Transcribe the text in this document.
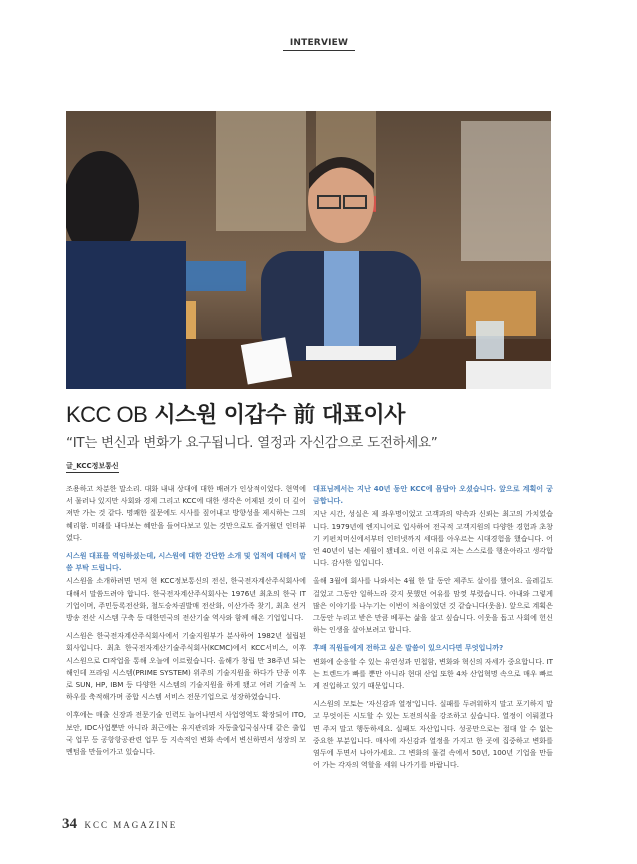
INTERVIEW
KCC OB 시스원 이갑수 前 대표이사
“IT는 변신과 변화가 요구됩니다. 열정과 자신감으로 도전하세요”
글_KCC정보통신

조용하고 차분한 말소리. 대화 내내 상대에 대한 배려가 인상적이었다. 현역에서 물러나 있지만 사회와 경제 그리고 KCC에 대한 생각은 어제된 것이 더 깊어져만 가는 것 같다. 명쾌한 질문에도 시사를 짚어내고 방향성을 제시하는 그의 혜리함. 미래를 내다보는 혜안을 들여다보고 있는 것만으로도 즐거웠던 인터뷰였다.

시스원 대표를 역임하셨는데, 시스원에 대한 간단한 소개 및 업적에 대해서 말씀 부탁 드립니다.

시스원을 소개하려면 먼저 현 KCC정보통신의 전신, 한국전자계산주식회사에 대해서 말씀드려야 합니다. 한국전자계산주식회사는 1976년 최초의 한국 IT기업이며, 주민등록전산화, 철도승차권발매 전산화, 이산가족 찾기, 최초 선거방송 전산 시스템 구축 등 대한민국의 전산기술 역사와 함께 해온 기업입니다.

시스원은 한국전자계산주식회사에서 기술지원부가 분사하여 1982년 설립된 회사입니다. 최초 한국전자계산기술주식회사(KCMC)에서 KCC서비스, 이후 시스원으로 CI작업을 통해 오늘에 이르렀습니다. 올해가 창립 만 38주년 되는 해인데 프라임 시스템(PRIME SYSTEM) 위주의 기술지원을 하다가 단종 이후로 SUN, HP, IBM 등 다양한 시스템의 기술지원을 하게 됐고 여러 기술적 노하우를 축적해가며 종합 시스템 서비스 전문기업으로 성장하였습니다.

이후에는 매출 신장과 전문기술 인력도 늘어나면서 사업영역도 확장되어 ITO, 보안, IDC사업뿐만 아니라 최근에는 유지관리와 자동출입국심사대 같은 출입국 업무 등 공항항공관련 업무 등 지속적인 변화 속에서 변신하면서 성장의 모멘텀을 만들어가고 있습니다.

대표님께서는 지난 40년 동안 KCC에 몸담아 오셨습니다. 앞으로 계획이 궁금합니다.

지난 시간, 성실은 제 좌우명이었고 고객과의 약속과 신뢰는 최고의 가치였습니다. 1979년에 엔지니어로 입사하여 전국적 고객지원의 다양한 경험과 초창기 키펀치머신에서부터 인터넷까지 세대를 아우르는 시대경험을 했습니다. 어언 40년이 넘는 세월이 됐네요. 이런 이유로 저는 스스로를 행운아라고 생각합니다. 감사한 일입니다.

올해 3월에 회사를 나와서는 4월 한 달 동안 제주도 살이를 했어요. 올레길도 걸었고 그동안 일하느라 갖지 못했던 여유를 맘껏 부렸습니다. 아내와 그렇게 많은 이야기를 나누기는 이번이 처음이었던 것 같습니다(웃음). 앞으로 계획은 그동안 누리고 받은 만큼 베푸는 삶을 살고 싶습니다. 이웃을 돕고 사회에 헌신하는 인생을 살아보려고 합니다.

후배 직원들에게 전하고 싶은 말씀이 있으시다면 무엇입니까?

변화에 순응할 수 있는 유연성과 민첩함, 변화와 혁신의 자세가 중요합니다. IT는 트렌드가 빠를 뿐만 아니라 현대 산업 또한 4차 산업혁명 속으로 매우 빠르게 진입하고 있기 때문입니다.

시스원의 모토는 '자신감과 열정'입니다. 실패를 두려워하지 말고 포기하지 말고 무엇이든 시도할 수 있는 도전의식을 강조하고 싶습니다. 열정이 이뤄졌다면 주저 말고 행동하세요. 실패도 자산입니다. 성공만으로는 절대 알 수 없는 중요한 부분입니다. 매사에 자신감과 열정을 가지고 한 곳에 집중하고 변화를 염두에 두면서 나아가세요. 그 변화의 물결 속에서 50년, 100년 기업을 만들어 가는 각자의 역할을 세워 나가기를 바랍니다.

34 KCC MAGAZINE
